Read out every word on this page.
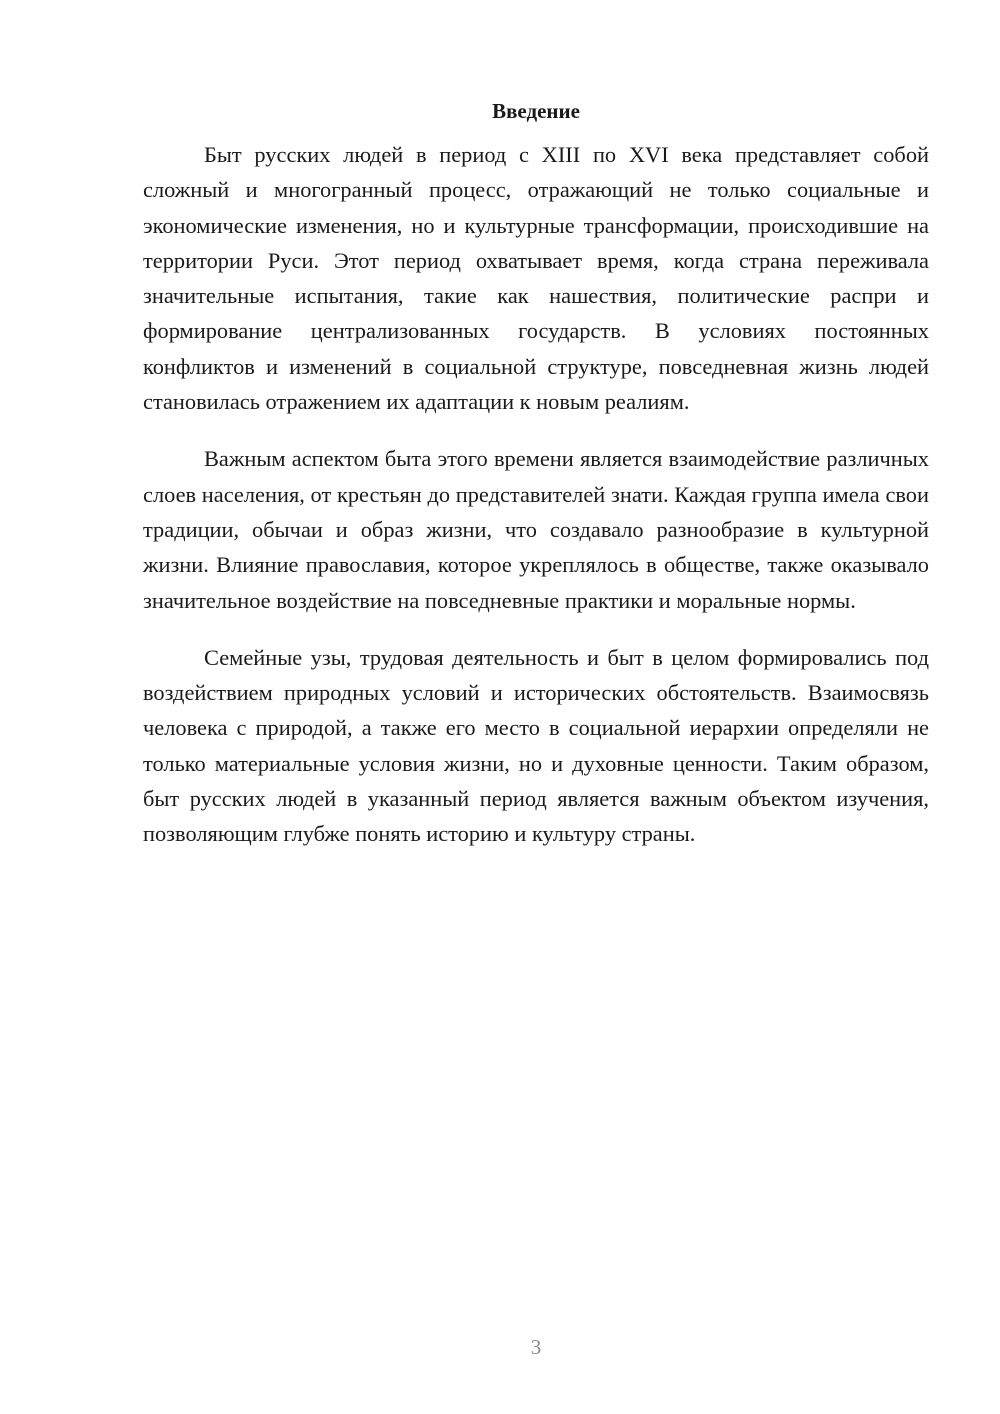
Введение

Быт русских людей в период с XIII по XVI века представляет собой сложный и многогранный процесс, отражающий не только социальные и экономические изменения, но и культурные трансформации, происходившие на территории Руси. Этот период охватывает время, когда страна переживала значительные испытания, такие как нашествия, политические распри и формирование централизованных государств. В условиях постоянных конфликтов и изменений в социальной структуре, повседневная жизнь людей становилась отражением их адаптации к новым реалиям.

Важным аспектом быта этого времени является взаимодействие различных слоев населения, от крестьян до представителей знати. Каждая группа имела свои традиции, обычаи и образ жизни, что создавало разнообразие в культурной жизни. Влияние православия, которое укреплялось в обществе, также оказывало значительное воздействие на повседневные практики и моральные нормы.

Семейные узы, трудовая деятельность и быт в целом формировались под воздействием природных условий и исторических обстоятельств. Взаимосвязь человека с природой, а также его место в социальной иерархии определяли не только материальные условия жизни, но и духовные ценности. Таким образом, быт русских людей в указанный период является важным объектом изучения, позволяющим глубже понять историю и культуру страны.

3
